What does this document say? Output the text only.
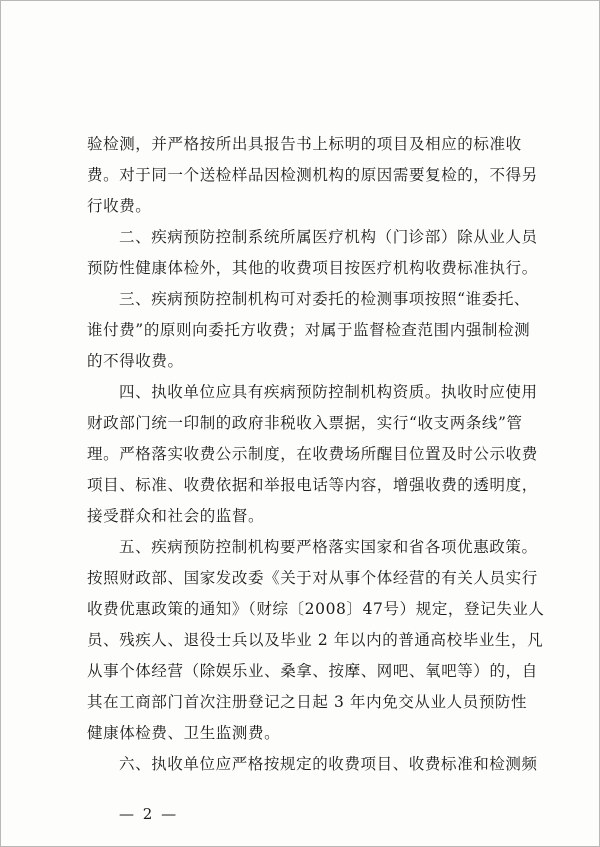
验检测，并严格按所出具报告书上标明的项目及相应的标准收
费。对于同一个送检样品因检测机构的原因需要复检的，不得另
行收费。
二、疾病预防控制系统所属医疗机构（门诊部）除从业人员
预防性健康体检外，其他的收费项目按医疗机构收费标准执行。
三、疾病预防控制机构可对委托的检测事项按照“谁委托、
谁付费”的原则向委托方收费；对属于监督检查范围内强制检测
的不得收费。
四、执收单位应具有疾病预防控制机构资质。执收时应使用
财政部门统一印制的政府非税收入票据，实行“收支两条线”管
理。严格落实收费公示制度，在收费场所醒目位置及时公示收费
项目、标准、收费依据和举报电话等内容，增强收费的透明度，
接受群众和社会的监督。
五、疾病预防控制机构要严格落实国家和省各项优惠政策。
按照财政部、国家发改委《关于对从事个体经营的有关人员实行
收费优惠政策的通知》（财综〔2008〕47号）规定，登记失业人
员、残疾人、退役士兵以及毕业 2 年以内的普通高校毕业生，凡
从事个体经营（除娱乐业、桑拿、按摩、网吧、氧吧等）的，自
其在工商部门首次注册登记之日起 3 年内免交从业人员预防性
健康体检费、卫生监测费。
六、执收单位应严格按规定的收费项目、收费标准和检测频
— 2 —
